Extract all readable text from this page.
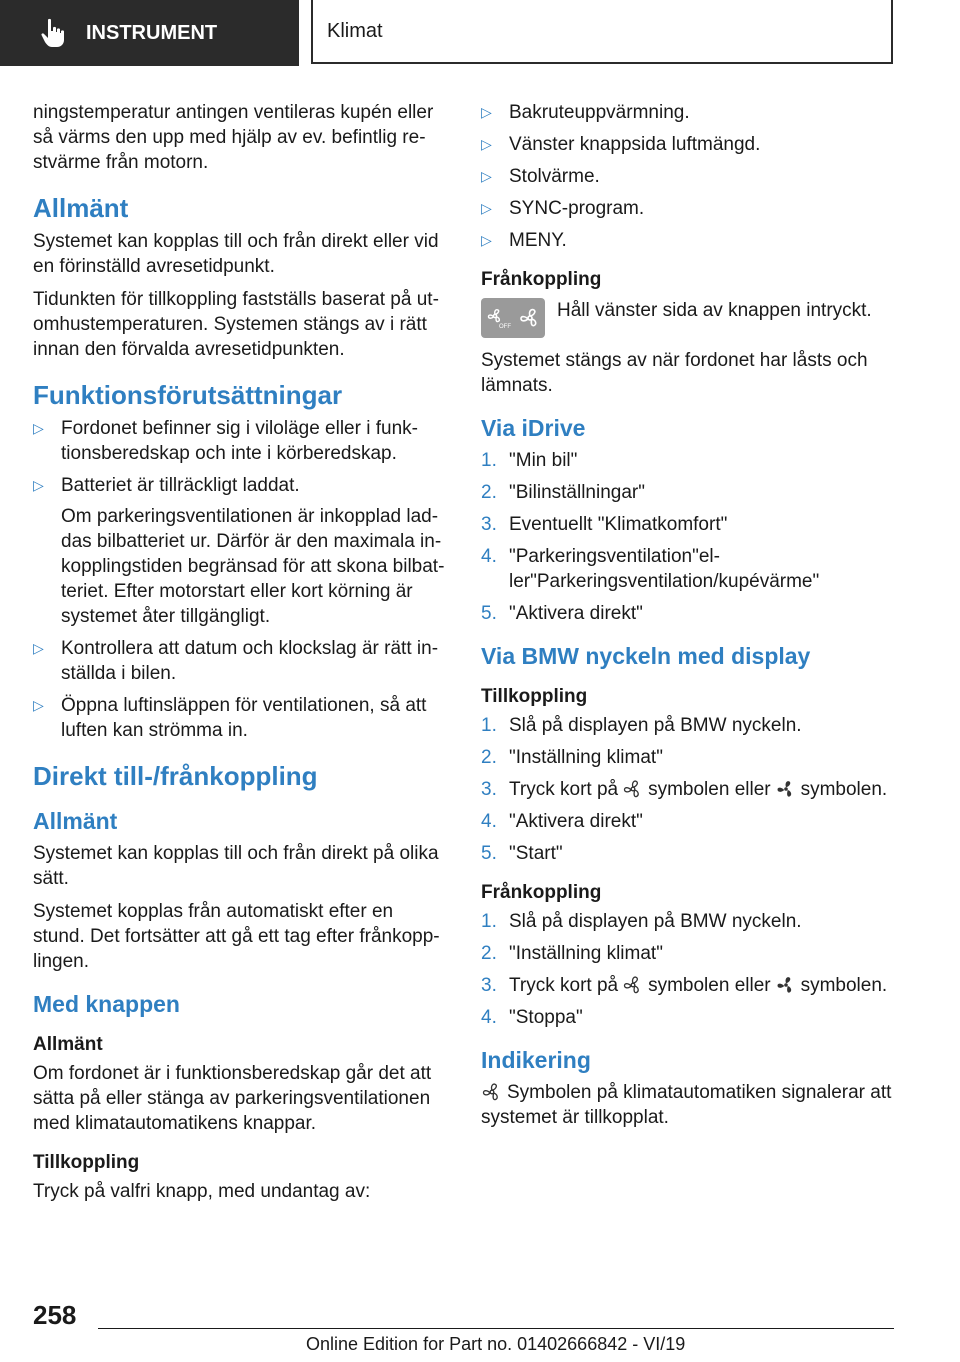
INSTRUMENT	Klimat

ningstemperatur antingen ventileras kupén eller så värms den upp med hjälp av ev. befintlig restvärme från motorn.

Allmänt

Systemet kan kopplas till och från direkt eller vid en förinställd avresetidpunkt.

Tidunkten för tillkoppling fastställs baserat på utomhustemperaturen. Systemen stängs av i rätt innan den förvalda avresetidpunkten.

Funktionsförutsättningar
▷ Fordonet befinner sig i viloläge eller i funktionsberedskap och inte i körberedskap.
▷ Batteriet är tillräckligt laddat.
Om parkeringsventilationen är inkopplad laddas bilbatteriet ur. Därför är den maximala inkopplingstiden begränsad för att skona bilbatteriet. Efter motorstart eller kort körning är systemet åter tillgängligt.
▷ Kontrollera att datum och klockslag är rätt inställda i bilen.
▷ Öppna luftinsläppen för ventilationen, så att luften kan strömma in.
Direkt till-/frånkoppling
Allmänt

Systemet kan kopplas till och från direkt på olika sätt.

Systemet kopplas från automatiskt efter en stund. Det fortsätter att gå ett tag efter frånkopplingen.

Med knappen
Allmänt

Om fordonet är i funktionsberedskap går det att sätta på eller stänga av parkeringsventilationen med klimatautomatikens knappar.

Tillkoppling

Tryck på valfri knapp, med undantag av:

▷ Bakruteuppvärmning.
▷ Vänster knappsida luftmängd.
▷ Stolvärme.
▷ SYNC-program.
▷ MENY.
Frånkoppling
OFF
Håll vänster sida av knappen intryckt.

Systemet stängs av när fordonet har låsts och lämnats.

Via iDrive
1. "Min bil"
2. "Bilinställningar"
3. Eventuellt "Klimatkomfort"
4. "Parkeringsventilation"eller"Parkeringsventilation/kupévärme"
5. "Aktivera direkt"
Via BMW nyckeln med display
Tillkoppling
1. Slå på displayen på BMW nyckeln.
2. "Inställning klimat"
3. Tryck kort på symbolen eller symbolen.
4. "Aktivera direkt"
5. "Start"
Frånkoppling
1. Slå på displayen på BMW nyckeln.
2. "Inställning klimat"
3. Tryck kort på symbolen eller symbolen.
4. "Stoppa"
Indikering

Symbolen på klimatautomatiken signalerar att systemet är tillkopplat.

258
Online Edition for Part no. 01402666842 - VI/19
